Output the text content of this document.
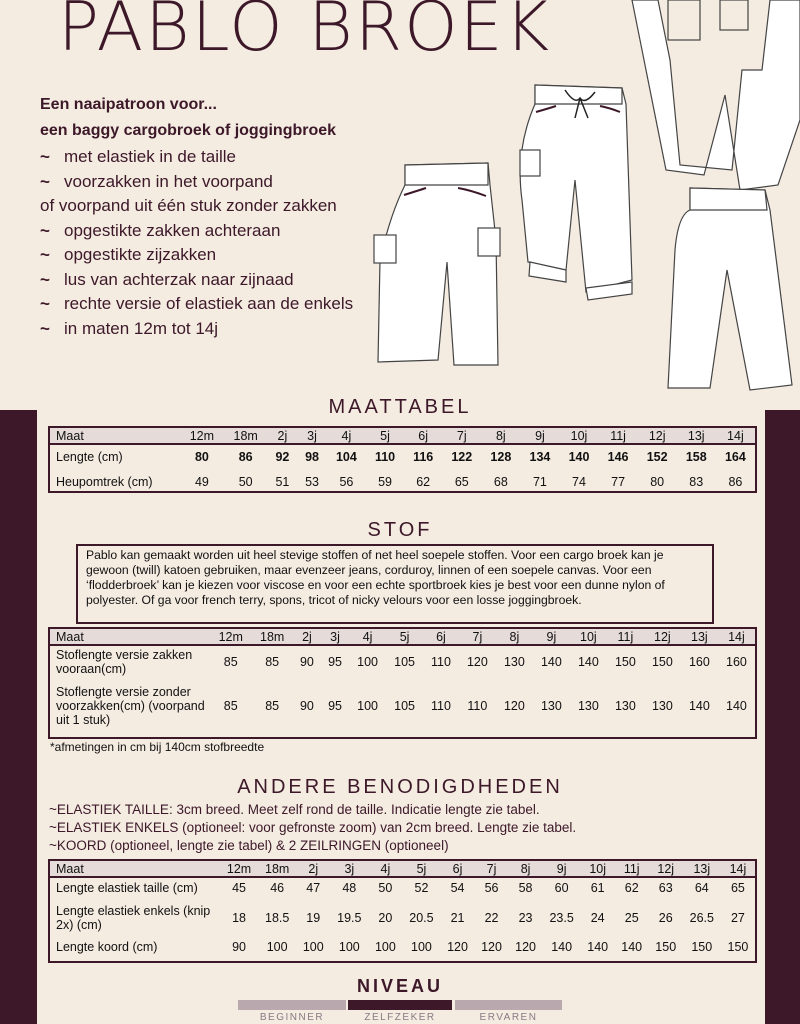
PABLO BROEK
Een naaipatroon voor...
een baggy cargobroek of joggingbroek
~ met elastiek in de taille
~ voorzakken in het voorpand
of voorpand uit één stuk zonder zakken
~ opgestikte zakken achteraan
~ opgestikte zijzakken
~ lus van achterzak naar zijnaad
~ rechte versie of elastiek aan de enkels
~ in maten 12m tot 14j
MAATTABEL
Maat	12m	18m	2j	3j	4j	5j	6j	7j	8j	9j	10j	11j	12j	13j	14j
Lengte (cm)	80	86	92	98	104	110	116	122	128	134	140	146	152	158	164
Heupomtrek (cm)	49	50	51	53	56	59	62	65	68	71	74	77	80	83	86
STOF
Pablo kan gemaakt worden uit heel stevige stoffen of net heel soepele stoffen. Voor een cargo broek kan je gewoon (twill) katoen gebruiken, maar evenzeer jeans, corduroy, linnen of een soepele canvas. Voor een ‘flodderbroek’ kan je kiezen voor viscose en voor een echte sportbroek kies je best voor een dunne nylon of polyester. Of ga voor french terry, spons, tricot of nicky velours voor een losse joggingbroek.
Maat	12m	18m	2j	3j	4j	5j	6j	7j	8j	9j	10j	11j	12j	13j	14j
Stoflengte versie zakken vooraan(cm)	85	85	90	95	100	105	110	120	130	140	140	150	150	160	160
Stoflengte versie zonder voorzakken(cm) (voorpand uit 1 stuk)	85	85	90	95	100	105	110	110	120	130	130	130	130	140	140
*afmetingen in cm bij 140cm stofbreedte
ANDERE BENODIGDHEDEN
~ELASTIEK TAILLE: 3cm breed. Meet zelf rond de taille. Indicatie lengte zie tabel.
~ELASTIEK ENKELS (optioneel: voor gefronste zoom) van 2cm breed. Lengte zie tabel.
~KOORD (optioneel, lengte zie tabel) & 2 ZEILRINGEN (optioneel)
Maat	12m	18m	2j	3j	4j	5j	6j	7j	8j	9j	10j	11j	12j	13j	14j
Lengte elastiek taille (cm)	45	46	47	48	50	52	54	56	58	60	61	62	63	64	65
Lengte elastiek enkels (knip 2x) (cm)	18	18.5	19	19.5	20	20.5	21	22	23	23.5	24	25	26	26.5	27
Lengte koord (cm)	90	100	100	100	100	100	120	120	120	140	140	140	150	150	150
NIVEAU
BEGINNER	ZELFZEKER	ERVAREN
